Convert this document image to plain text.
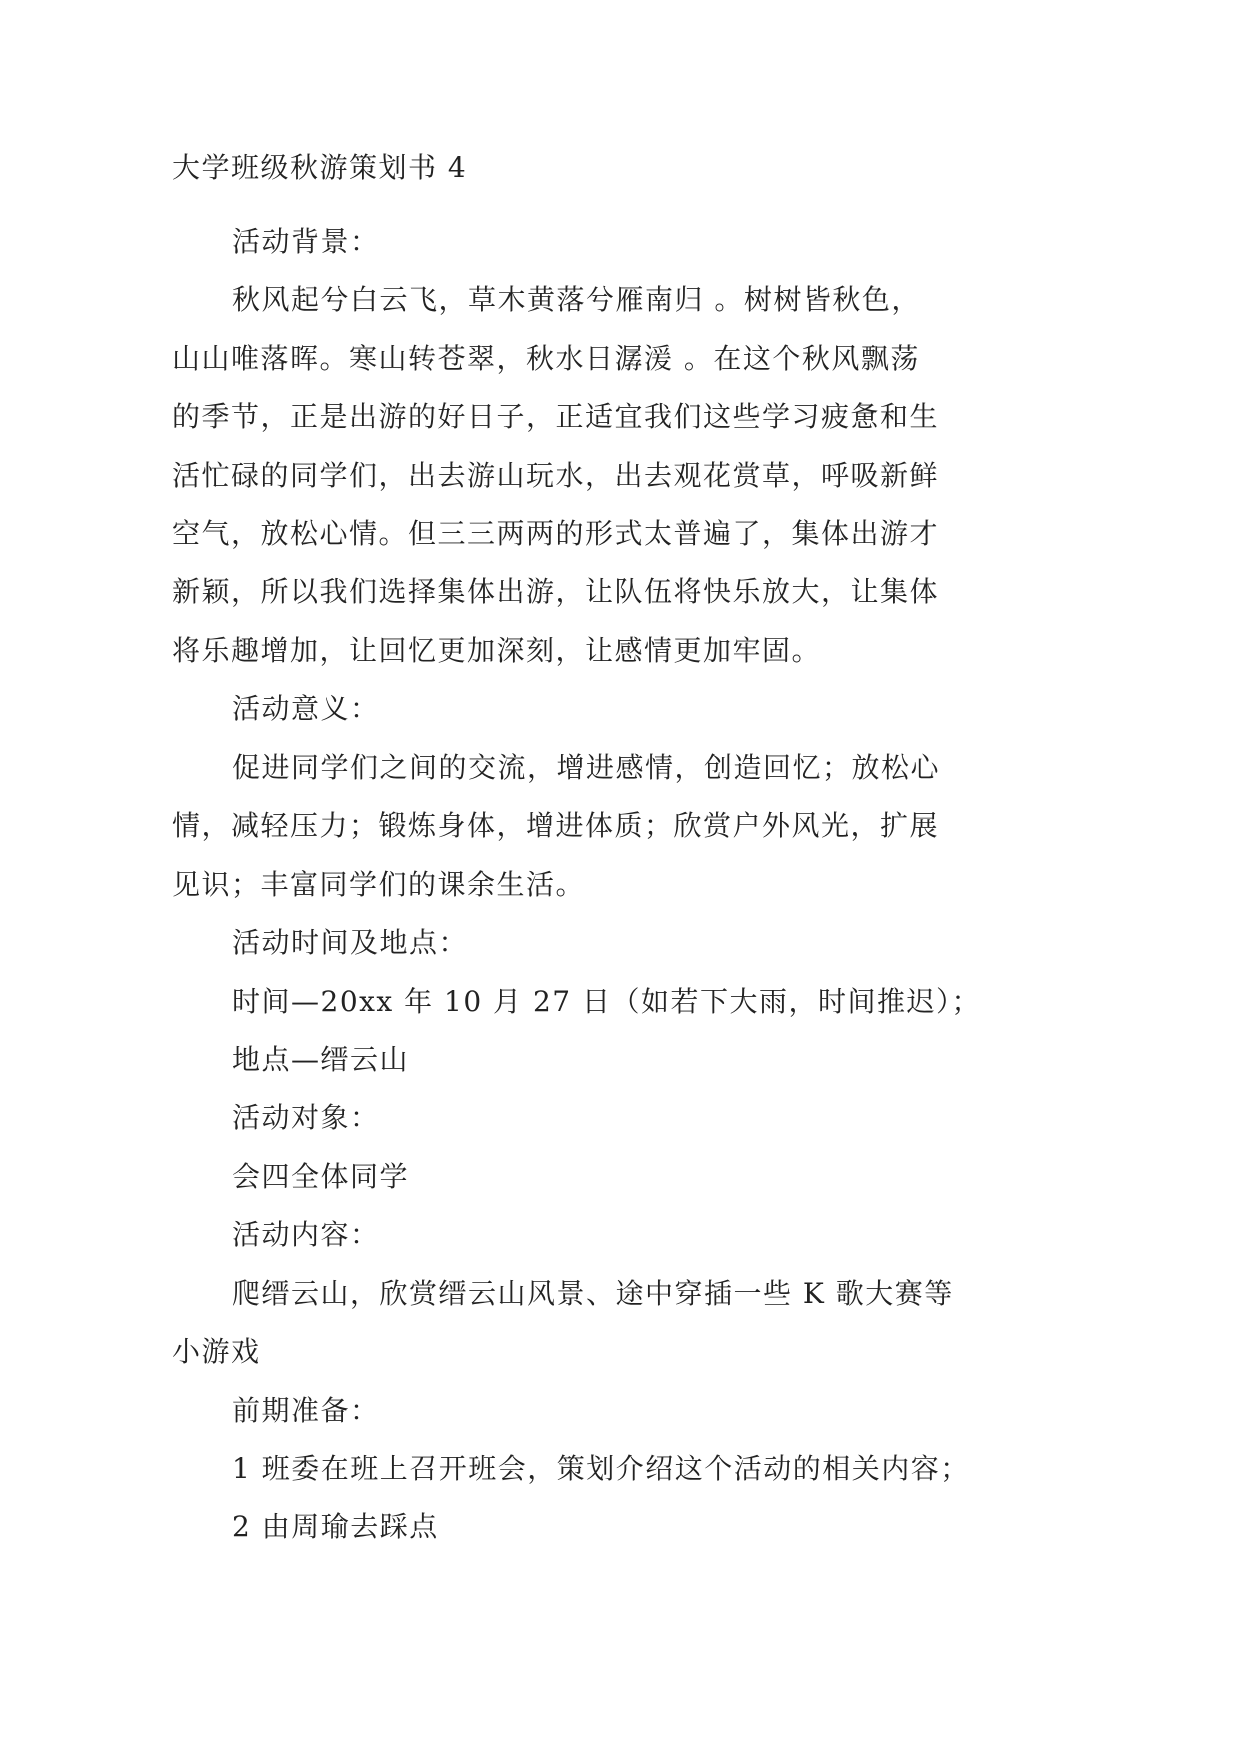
大学班级秋游策划书 4
活动背景：
秋风起兮白云飞，草木黄落兮雁南归 。树树皆秋色，
山山唯落晖。寒山转苍翠，秋水日潺湲 。在这个秋风飘荡
的季节，正是出游的好日子，正适宜我们这些学习疲惫和生
活忙碌的同学们，出去游山玩水，出去观花赏草，呼吸新鲜
空气，放松心情。但三三两两的形式太普遍了，集体出游才
新颖，所以我们选择集体出游，让队伍将快乐放大，让集体
将乐趣增加，让回忆更加深刻，让感情更加牢固。
活动意义：
促进同学们之间的交流，增进感情，创造回忆；放松心
情，减轻压力；锻炼身体，增进体质；欣赏户外风光，扩展
见识；丰富同学们的课余生活。
活动时间及地点：
时间—20xx 年 10 月 27 日（如若下大雨，时间推迟）；
地点—缙云山
活动对象：
会四全体同学
活动内容：
爬缙云山，欣赏缙云山风景、途中穿插一些 K 歌大赛等
小游戏
前期准备：
1 班委在班上召开班会，策划介绍这个活动的相关内容；
2 由周瑜去踩点
